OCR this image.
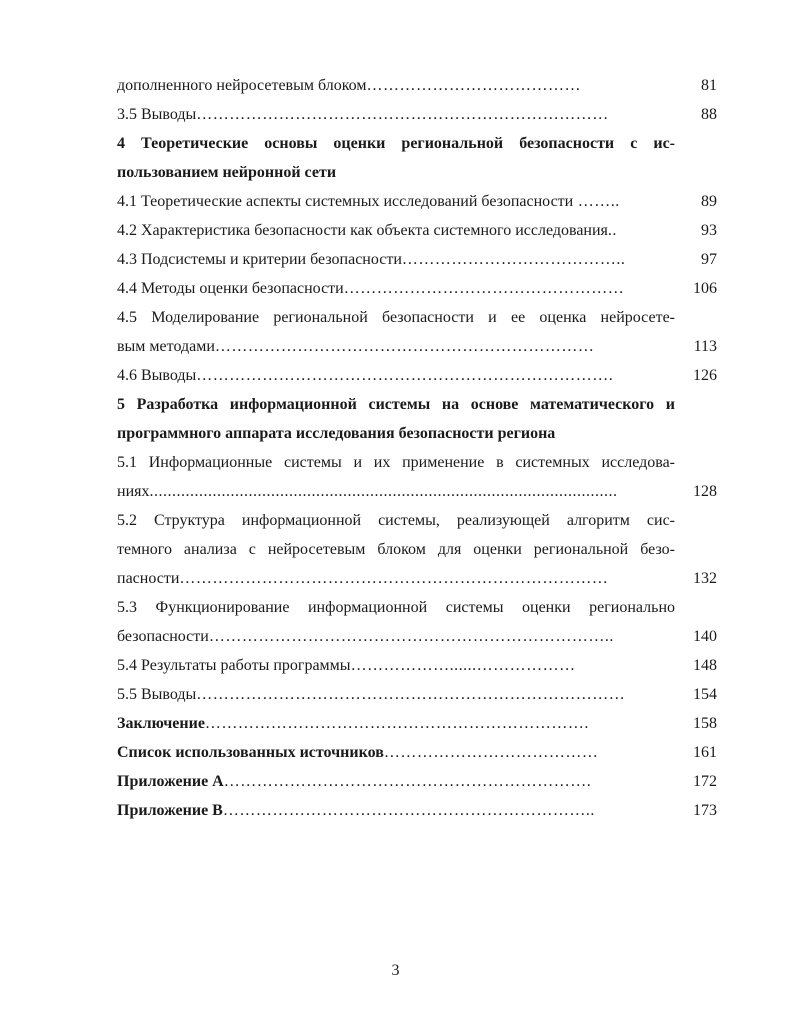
дополненного нейросетевым блоком…………………………………	81
3.5 Выводы…………………………………………………………………	88
4 Теоретические основы оценки региональной безопасности с ис-
пользованием нейронной сети
4.1 Теоретические аспекты системных исследований безопасности ……..	89
4.2 Характеристика безопасности как объекта системного исследования..	93
4.3 Подсистемы и критерии безопасности…………………………………..	97
4.4 Методы оценки безопасности……………………………………………	106
4.5 Моделирование региональной безопасности и ее оценка нейросете-
вым методами……………………………………………………………	113
4.6 Выводы………………………………………………………………….	126
5 Разработка информационной системы на основе математического и
программного аппарата исследования безопасности региона
5.1 Информационные системы и их применение в системных исследова-
ниях........................................................................................................	128
5.2 Структура информационной системы, реализующей алгоритм сис-
темного анализа с нейросетевым блоком для оценки региональной безо-
пасности……………………………………………………………………	132
5.3 Функционирование информационной системы оценки регионально
безопасности………………………………………………………………..	140
5.4 Результаты работы программы………………......………………	148
5.5 Выводы……………………………………………………………………	154
Заключение…………………………………………………………….	158
Список использованных источников…………………………………	161
Приложение А………………………………………………………….	172
Приложение В…………………………………………………………..	173
3
